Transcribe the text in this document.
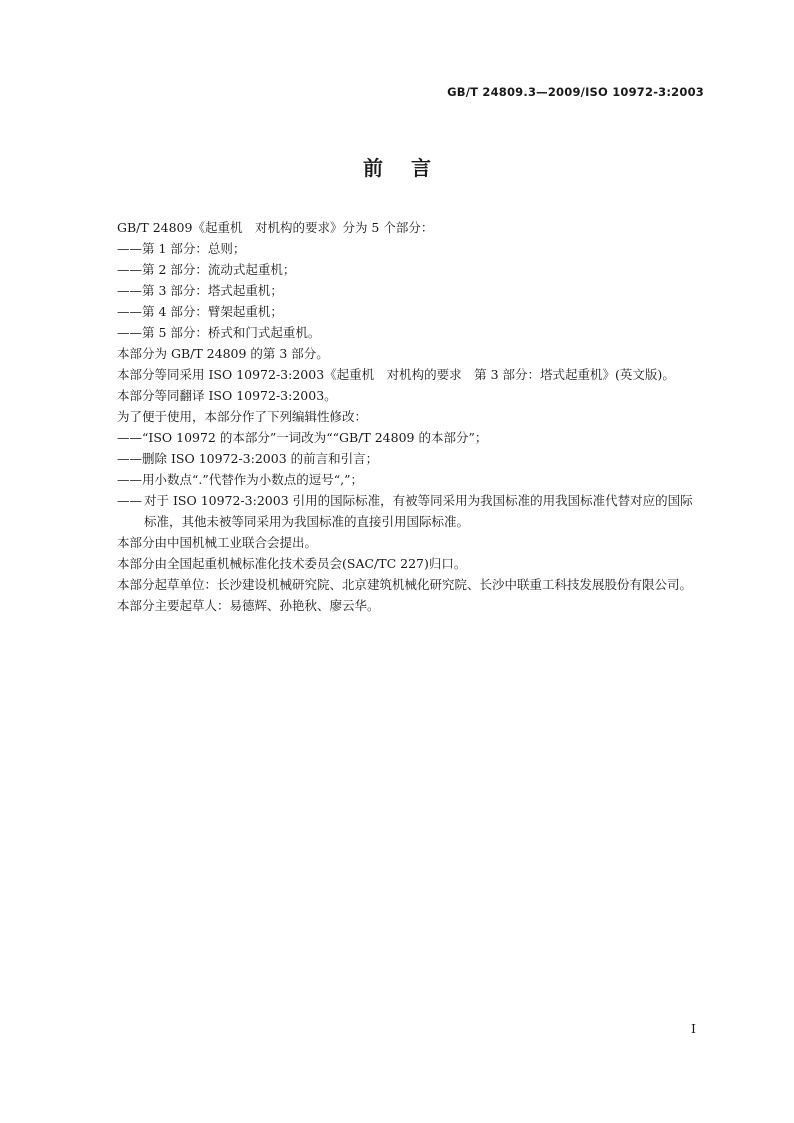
GB/T 24809.3—2009/ISO 10972-3:2003
前言

GB/T 24809《起重机　对机构的要求》分为 5 个部分：

——第 1 部分：总则；

——第 2 部分：流动式起重机；

——第 3 部分：塔式起重机；

——第 4 部分：臂架起重机；

——第 5 部分：桥式和门式起重机。

本部分为 GB/T 24809 的第 3 部分。

本部分等同采用 ISO 10972-3:2003《起重机　对机构的要求　第 3 部分：塔式起重机》(英文版)。

本部分等同翻译 ISO 10972-3:2003。

为了便于使用，本部分作了下列编辑性修改：

——“ISO 10972 的本部分”一词改为““GB/T 24809 的本部分”；

——删除 ISO 10972-3:2003 的前言和引言；

——用小数点“.”代替作为小数点的逗号“,”；

—— 对于 ISO 10972-3:2003 引用的国际标准，有被等同采用为我国标准的用我国标准代替对应的国际标准，其他未被等同采用为我国标准的直接引用国际标准。

本部分由中国机械工业联合会提出。

本部分由全国起重机械标准化技术委员会(SAC/TC 227)归口。

本部分起草单位：长沙建设机械研究院、北京建筑机械化研究院、长沙中联重工科技发展股份有限公司。

本部分主要起草人：易德辉、孙艳秋、廖云华。

I
